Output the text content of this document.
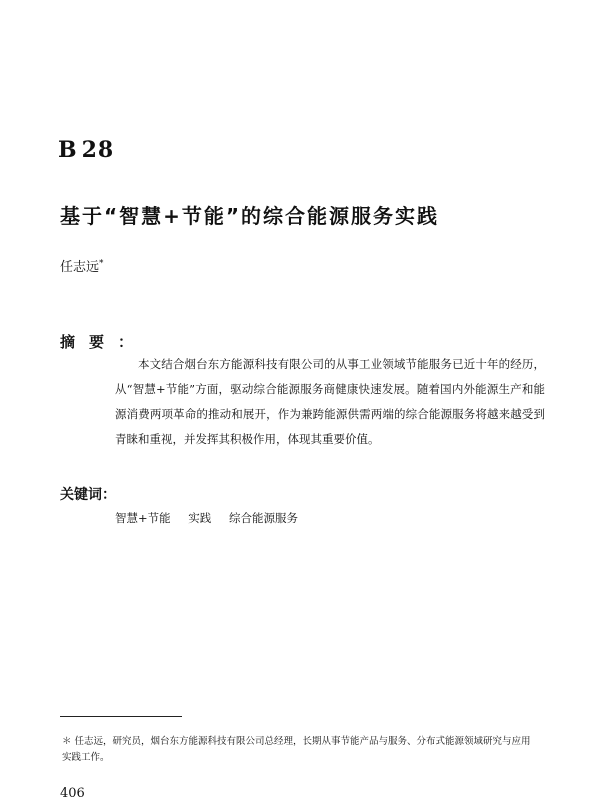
B 28
基于“智慧+节能”的综合能源服务实践
任志远*
摘要：
本文结合烟台东方能源科技有限公司的从事工业领域节能服务已近十年的经历，从“智慧+节能”方面，驱动综合能源服务商健康快速发展。随着国内外能源生产和能源消费两项革命的推动和展开，作为兼跨能源供需两端的综合能源服务将越来越受到青睐和重视，并发挥其积极作用，体现其重要价值。
关键词：
智慧+节能 实践 综合能源服务
＊ 任志远，研究员，烟台东方能源科技有限公司总经理，长期从事节能产品与服务、分布式能源领域研究与应用实践工作。
406
